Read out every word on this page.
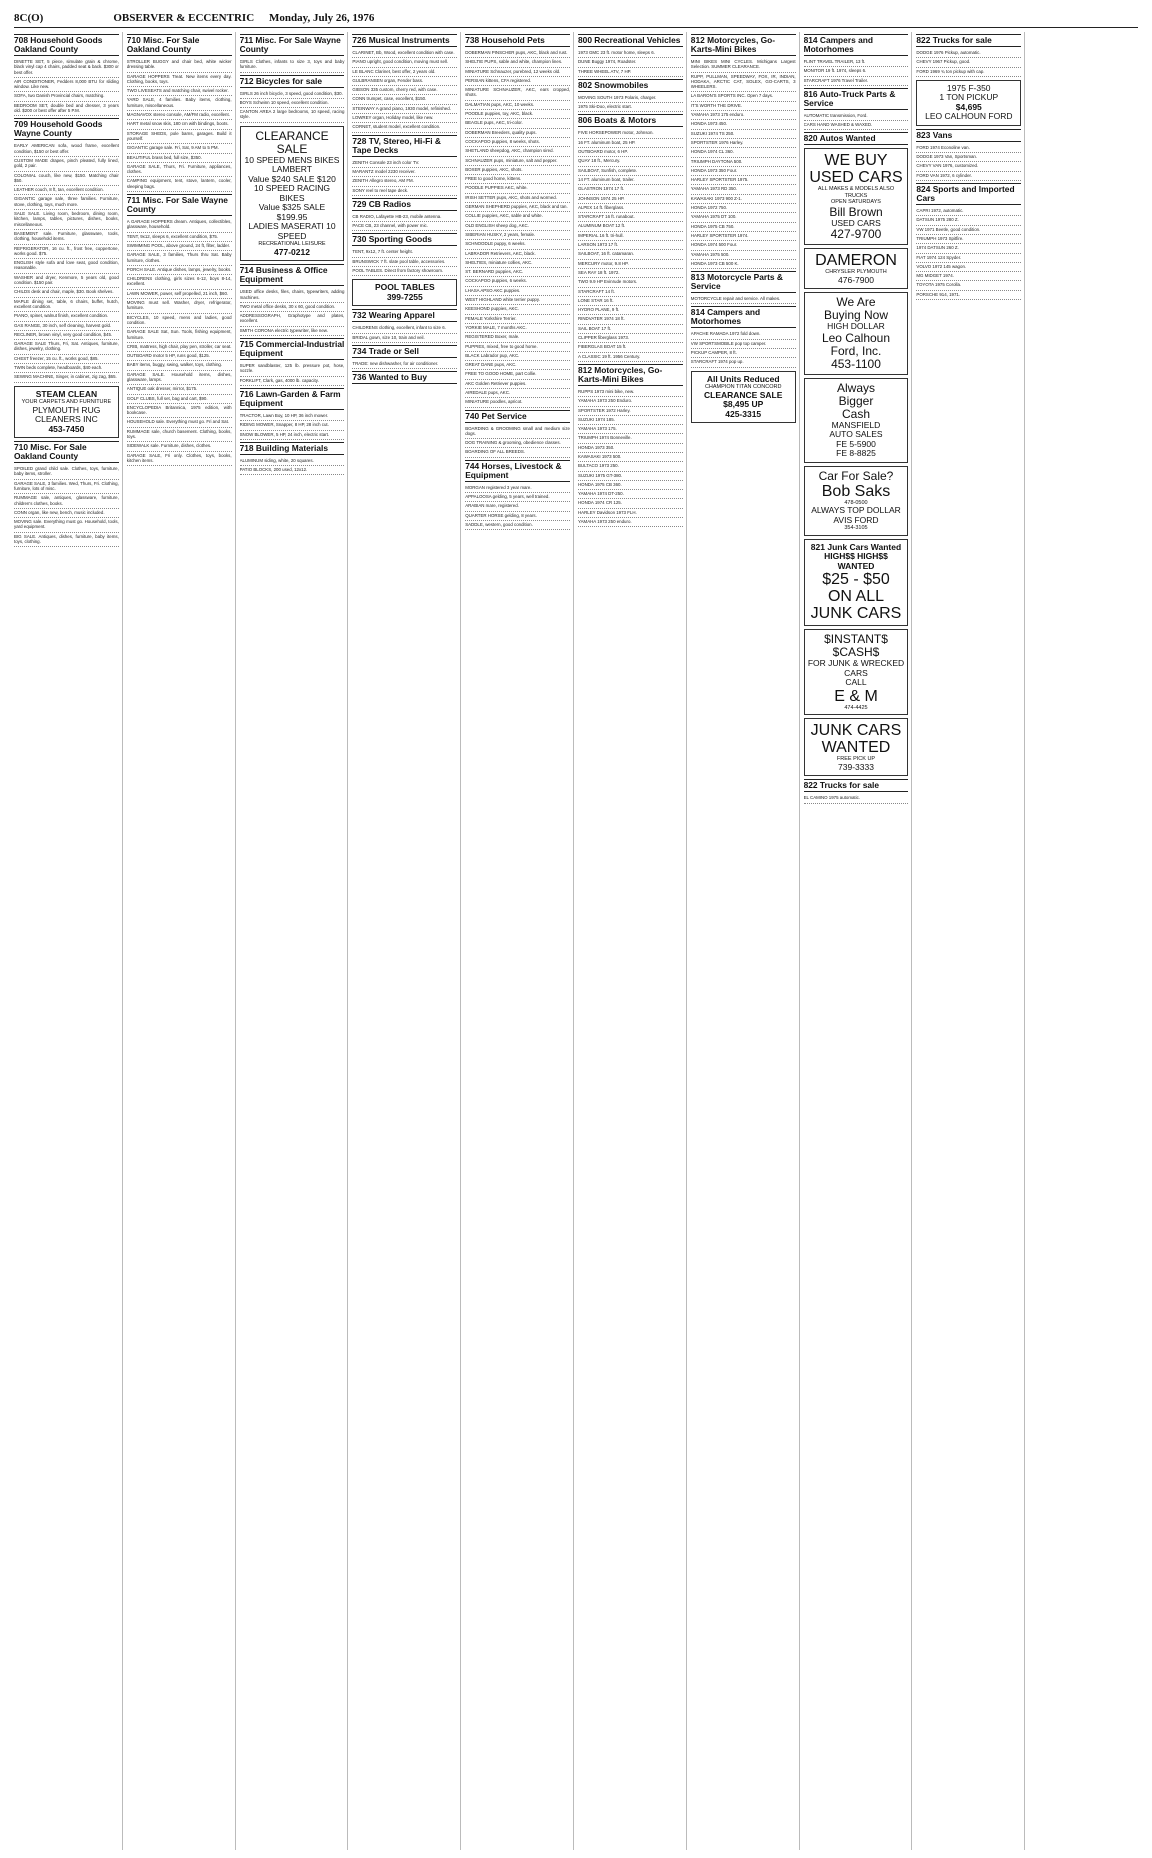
8C(O)	OBSERVER & ECCENTRIC Monday, July 26, 1976
708 Household Goods Oakland County
DINETTE SET, 5 piece, simulate grain & chrome, black vinyl cap 4 chairs, padded seat & back. $300 or best offer.
AIR CONDITIONER, Fedders 8,000 BTU for sliding window. Like new.
SOFA, two Danish Provincial chairs, matching.
BEDROOM SET, double bed and dresser, 3 years old. $200 or best offer after 5 P.M.
709 Household Goods Wayne County
EARLY AMERICAN sofa, wood frame, excellent condition, $150 or best offer.
CUSTOM MADE drapes, pinch pleated, fully lined, gold, 2 pair.
COLONIAL couch, like new, $150. Matching chair $50.
LEATHER couch, 8 ft, tan, excellent condition.
GIGANTIC garage sale, three families. Furniture, stove, clothing, toys, much more.
SALE SALE. Living room, bedroom, dining room, kitchen, lamps, tables, pictures, dishes, books, miscellaneous.
BASEMENT sale. Furniture, glassware, tools, clothing, household items.
REFRIGERATOR, 16 cu. ft., frost free, coppertone, works good. $75.
ENGLISH style sofa and love seat, good condition, reasonable.
WASHER and dryer, Kenmore, 5 years old, good condition. $150 pair.
CHILDS desk and chair, maple, $30. Book shelves.
MAPLE dining set, table, 6 chairs, buffet, hutch, excellent condition.
PIANO, spinet, walnut finish, excellent condition.
GAS RANGE, 30 inch, self cleaning, harvest gold.
RECLINER, brown vinyl, very good condition, $45.
GARAGE SALE Thurs, Fri, Sat. Antiques, furniture, dishes, jewelry, clothing.
CHEST freezer, 15 cu. ft., works good, $85.
TWIN beds complete, headboards, $40 each.
SEWING MACHINE, Singer, in cabinet, zig zag, $65.
STEAM CLEAN
YOUR CARPETS AND FURNITURE
PLYMOUTH RUG CLEANERS INC
453-7450
710 Misc. For Sale Oakland County
SPOILED grand child sale. Clothes, toys, furniture, baby items, stroller.
GARAGE SALE, 3 families. Wed, Thurs, Fri. Clothing, furniture, lots of misc.
RUMMAGE sale, antiques, glassware, furniture, children's clothes, books.
CONN organ, like new, bench, music included.
MOVING sale. Everything must go. Household, tools, yard equipment.
BIG SALE. Antiques, dishes, furniture, baby items, toys, clothing.
710 Misc. For Sale Oakland County
STROLLER BUGGY and chair bed, white wicker dressing table.
GARAGE HOPPERS Treat. New items every day. Clothing, books, toys.
TWO LIVESEATS and matching chair, swivel rocker.
YARD SALE, 4 families. Baby items, clothing, furniture, miscellaneous.
MAGNAVOX stereo console, AM/FM radio, excellent.
HART metal snow skis, 180 cm with bindings, boots.
STORAGE SHEDS, pole barns, garages. Build it yourself.
GIGANTIC garage sale. Fri, Sat, 9 AM to 5 PM.
BEAUTIFUL brass bed, full size, $350.
GARAGE SALE, Thurs, Fri. Furniture, appliances, clothes.
CAMPING equipment, tent, stove, lantern, cooler, sleeping bags.
711 Misc. For Sale Wayne County
A GARAGE HOPPERS dream. Antiques, collectibles, glassware, household.
TENT, 9x12, sleeps 6, excellent condition, $75.
SWIMMING POOL, above ground, 24 ft, filter, ladder.
GARAGE SALE, 3 families, Thurs thru Sat. Baby furniture, clothes.
PORCH SALE. Antique dishes, lamps, jewelry, books.
CHILDRENS clothing, girls sizes 6-12, boys 8-14, excellent.
LAWN MOWER, power, self propelled, 21 inch, $60.
MOVING must sell. Washer, dryer, refrigerator, furniture.
BICYCLES, 10 speed, mens and ladies, good condition.
GARAGE SALE Sat, Sun. Tools, fishing equipment, furniture.
CRIB, mattress, high chair, play pen, stroller, car seat.
OUTBOARD motor 5 HP, runs good, $125.
BABY items, buggy, swing, walker, toys, clothing.
GARAGE SALE. Household items, dishes, glassware, lamps.
ANTIQUE oak dresser, mirror, $175.
GOLF CLUBS, full set, bag and cart, $90.
ENCYCLOPEDIA Britannica, 1975 edition, with bookcase.
HOUSEHOLD sale. Everything must go. Fri and Sat.
RUMMAGE sale, church basement. Clothing, books, toys.
SIDEWALK sale. Furniture, dishes, clothes.
GARAGE SALE, Fri only. Clothes, toys, books, kitchen items.
711 Misc. For Sale Wayne County
GIRLS Clothes, infants to size 3, toys and baby furniture.
712 Bicycles for sale
GIRLS 26 inch bicycle, 3 speed, good condition, $30.
BOYS Schwinn 10 speed, excellent condition.
CANTON AREA 2 large bedrooms, 10 speed, racing style.
CLEARANCE
SALE
10 SPEED MENS BIKES
LAMBERT
Value $240 SALE $120
10 SPEED RACING BIKES
Value $325 SALE $199.95
LADIES MASERATI 10 SPEED
RECREATIONAL LEISURE
477-0212
714 Business & Office Equipment
USED office desks, files, chairs, typewriters, adding machines.
TWO metal office desks, 30 x 60, good condition.
ADDRESSOGRAPH, Graphotype and plates, excellent.
SMITH CORONA electric typewriter, like new.
715 Commercial-Industrial Equipment
SUPER sandblaster, 125 lb. pressure pot, hose, nozzle.
FORKLIFT, Clark, gas, 4000 lb. capacity.
716 Lawn-Garden & Farm Equipment
TRACTOR, Lawn Boy, 10 HP, 36 inch mower.
RIDING MOWER, Snapper, 8 HP, 28 inch cut.
SNOW BLOWER, 5 HP, 24 inch, electric start.
718 Building Materials
ALUMINUM siding, white, 20 squares.
PATIO BLOCKS, 200 used, 12x12.
726 Musical Instruments
CLARINET, Bb, Wood, excellent condition with case.
PIANO upright, good condition, moving must sell.
LE BLANC Clarinet, best offer, 2 years old.
GULBRANSEN organ, Fender bass.
GIBSON 335 custom, cherry red, with case.
CONN trumpet, case, excellent, $150.
STEINWAY A grand piano, 1930 model, refinished.
LOWREY organ, Holiday model, like new.
CORNET, student model, excellent condition.
728 TV, Stereo, Hi-Fi & Tape Decks
ZENITH Console 23 inch color TV.
MARANTZ model 2230 receiver.
ZENITH Allegro stereo, AM FM.
SONY reel to reel tape deck.
729 CB Radios
CB RADIO, Lafayette HB-23, mobile antenna.
PACE CB, 23 channel, with power mic.
730 Sporting Goods
TENT, 9x12, 7 ft. center height.
BRUNSWICK 7 ft. slate pool table, accessories.
POOL TABLES. Direct from factory showroom.
POOL TABLES
399-7255
732 Wearing Apparel
CHILDRENS clothing, excellent, infant to size 6.
BRIDAL gown, size 10, train and veil.
734 Trade or Sell
TRADE: new dishwasher, for air conditioner.
736 Wanted to Buy
738 Household Pets
DOBERMAN PINSCHER pups, AKC, black and rust.
SHELTIE PUPS, sable and white, champion lines.
MINIATURE Schnauzer, purebred, 12 weeks old.
PERSIAN kittens, CFA registered.
MINIATURE SCHNAUZER, AKC, ears cropped, shots.
DALMATIAN pups, AKC, 10 weeks.
POODLE puppies, toy, AKC, black.
BEAGLE pups, AKC, tri-color.
DOBERMAN Breeders, quality pups.
COCKAPOO puppies, 8 weeks, shots.
SHETLAND sheepdog, AKC, champion sired.
SCHNAUZER pups, miniature, salt and pepper.
BOXER puppies, AKC, shots.
FREE to good home, kittens.
POODLE PUPPIES AKC, white.
IRISH SETTER pups, AKC, shots and wormed.
GERMAN SHEPHERD puppies, AKC, black and tan.
COLLIE puppies, AKC, sable and white.
OLD ENGLISH sheep dog, AKC.
SIBERIAN HUSKY, 2 years, female.
SCHNOODLE puppy, 6 weeks.
LABRADOR Retrievers, AKC, black.
SHELTIES, miniature collies, AKC.
ST. BERNARD puppies, AKC.
COCKAPOO puppies, 6 weeks.
LHASA APSO AKC puppies.
WEST HIGHLAND white terrier puppy.
KEESHOND puppies, AKC.
FEMALE Yorkshire Terrier.
YORKIE MALE, 7 months AKC.
REGISTERED Boxer, male.
PUPPIES, mixed, free to good home.
BLACK Labrador pup, AKC.
GREAT DANE pups, AKC.
FREE TO GOOD HOME, part Collie.
AKC Golden Retriever puppies.
AIREDALE pups, AKC.
MINIATURE poodles, apricot.
740 Pet Service
BOARDING & GROOMING small and medium size dogs.
DOG TRAINING & grooming, obedience classes.
BOARDING OF ALL BREEDS.
744 Horses, Livestock & Equipment
MORGAN registered 3 year mare.
APPALOOSA gelding, 5 years, well trained.
ARABIAN mare, registered.
QUARTER HORSE gelding, 8 years.
SADDLE, western, good condition.
800 Recreational Vehicles
1973 GMC 23 ft. motor home, sleeps 6.
DUNE Buggy 1974, Roadster.
THREE WHEEL ATV, 7 HP.
802 Snowmobiles
MOVING SOUTH 1973 Polaris, charger.
1975 Ski-Doo, electric start.
806 Boats & Motors
FIVE HORSEPOWER motor, Johnson.
16 FT. aluminum boat, 25 HP.
OUTBOARD motor, 6 HP.
QUAY 18 ft., Mercury.
SAILBOAT, Sunfish, complete.
14 FT. aluminum boat, trailer.
GLASTRON 1974 17 ft.
JOHNSON 1974 25 HP.
ALPEX 14 ft. fiberglass.
STARCRAFT 16 ft. runabout.
ALUMINUM BOAT 12 ft.
IMPERIAL 16 ft. tri-hull.
LARSON 1973 17 ft.
SAILBOAT, 16 ft. catamaran.
MERCURY motor, 9.8 HP.
SEA RAY 18 ft. 1972.
TWO 9.9 HP Evinrude motors.
STARCRAFT 14 ft.
LONE STAR 16 ft.
HYDRO PLANE, 9 ft.
RINDVATER 1974 18 ft.
SAIL BOAT 17 ft.
CLIPPER fiberglass 1973.
FIBERGLAS BOAT 15 ft.
A CLASSIC 19 ft. 1956 Century.
812 Motorcycles, Go-Karts-Mini Bikes
RUPPS 1973 mini bike, new.
YAMAHA 1973 250 Enduro.
SPORTSTER 1972 Harley.
SUZUKI 1974 185.
YAMAHA 1973 175.
TRIUMPH 1974 Bonneville.
HONDA 1973 350.
KAWASAKI 1973 500.
BULTACO 1973 250.
SUZUKI 1975 GT-380.
HONDA 1975 CB 360.
YAMAHA 1974 DT-250.
HONDA 1974 CR 125.
HARLEY Davidson 1973 FLH.
YAMAHA 1973 250 enduro.
812 Motorcycles, Go-Karts-Mini Bikes
MINI BIKES MINI CYCLES. Michigans Largest Selection. SUMMER CLEARANCE.
RUPP, PULLMAN, SPEEDWAY, FOX, IR, INDIAN, HODAKA, ARCTIC CAT, SOLEX, GO-CARTS, 3 WHEELERS.
LA BARON'S SPORTS INC. Open 7 days.
IT'S WORTH THE DRIVE.
YAMAHA 1973 175 enduro.
HONDA 1973 450.
SUZUKI 1974 TS 250.
SPORTSTER 1976 Harley.
HONDA 1974 CL 360.
TRIUMPH DAYTONA 500.
HONDA 1973 350 Four.
HARLEY SPORTSTER 1975.
YAMAHA 1973 RD 350.
KAWASAKI 1973 900 Z-1.
HONDA 1972 750.
YAMAHA 1975 DT 100.
HONDA 1975 CB 750.
HARLEY SPORTSTER 1974.
HONDA 1974 500 Four.
YAMAHA 1975 500.
HONDA 1973 CB 500 K.
813 Motorcycle Parts & Service
MOTORCYCLE repair and service. All makes.
814 Campers and Motorhomes
APACHE RAMADA 1972 fold down.
VW SPORTSMOBILE pop top camper.
PICKUP CAMPER, 8 ft.
STARCRAFT 1974 pop up.
All Units Reduced
CHAMPION TITAN CONCORD
CLEARANCE SALE
$8,495 UP
425-3315
814 Campers and Motorhomes
FLINT TRAVEL TRAILER, 13 ft.
MONITOR 19 ft. 1974, sleeps 6.
STARCRAFT 1976 Travel Trailer.
816 Auto-Truck Parts & Service
AUTOMATIC transmission, Ford.
CARS HAND WASHED & WAXED.
820 Autos Wanted
WE BUY
USED CARS
ALL MAKES & MODELS ALSO TRUCKS
OPEN SATURDAYS
Bill Brown
USED CARS
427-9700
DAMERON
CHRYSLER PLYMOUTH
476-7900
We Are
Buying Now
HIGH DOLLAR
Leo Calhoun
Ford, Inc.
453-1100
Always
Bigger
Cash
MANSFIELD
AUTO SALES
FE 5-5900
FE 8-8825
Car For Sale?
Bob Saks
478-0500
ALWAYS TOP DOLLAR
AVIS FORD
354-3105
821 Junk Cars Wanted
HIGH$$ HIGH$$
WANTED
$25 - $50
ON ALL
JUNK CARS
$INSTANT$
$CASH$
FOR JUNK & WRECKED CARS
CALL
E & M
474-4425
JUNK CARS
WANTED
FREE PICK UP
739-3333
822 Trucks for sale
EL CAMINO 1975 automatic.
822 Trucks for sale
DODGE 1976 Pickup, automatic.
CHEVY 1967 Pickup, good.
FORD 1969 ¾ ton pickup with cap.
1975 F-350
1 TON PICKUP
$4,695
LEO CALHOUN FORD
823 Vans
FORD 1974 Econoline van.
DODGE 1973 Van, Sportsman.
CHEVY VAN 1976, customized.
FORD VAN 1972, 6 cylinder.
824 Sports and Imported Cars
CAPRI 1972, automatic.
DATSUN 1975 280 Z.
VW 1971 Beetle, good condition.
TRIUMPH 1973 Spitfire.
1974 DATSUN 260 Z.
FIAT 1974 124 Spyder.
VOLVO 1972 145 wagon.
MG MIDGET 1974.
TOYOTA 1975 Corolla.
PORSCHE 914, 1971.
